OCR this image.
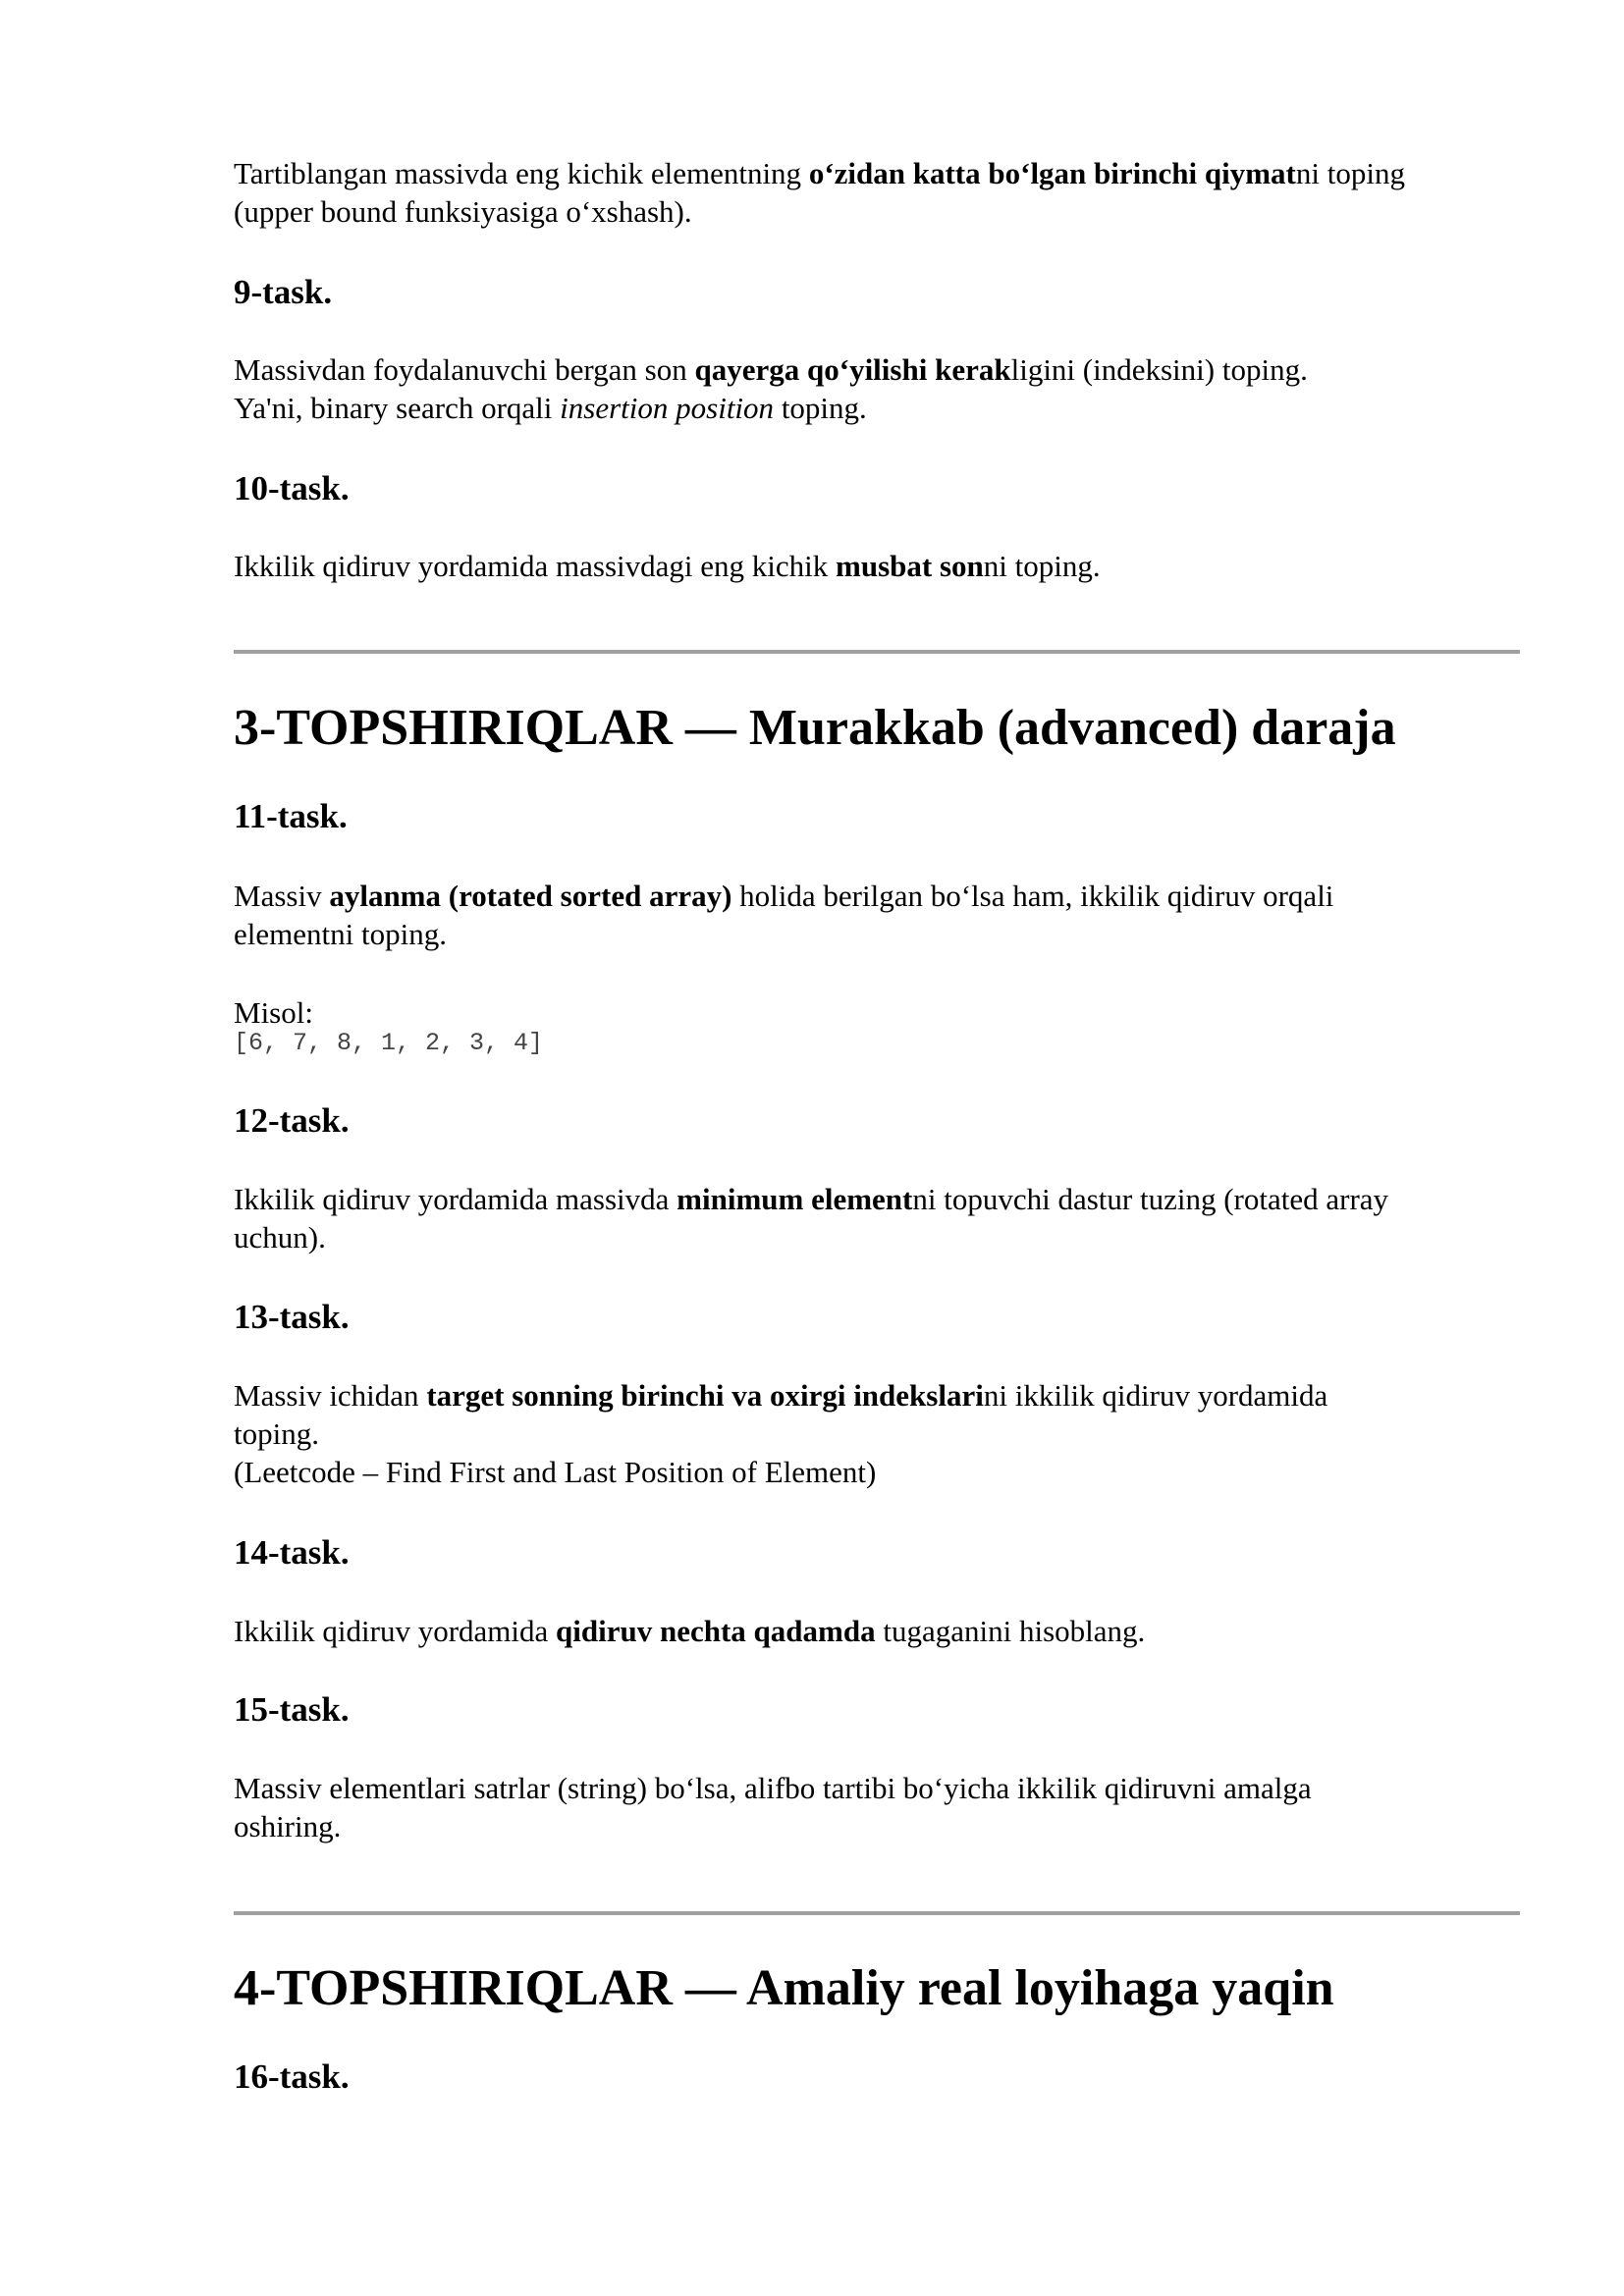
Tartiblangan massivda eng kichik elementning o‘zidan katta bo‘lgan birinchi qiymatni toping
(upper bound funksiyasiga o‘xshash).

9-task.

Massivdan foydalanuvchi bergan son qayerga qo‘yilishi kerakligini (indeksini) toping.
Ya'ni, binary search orqali insertion position toping.

10-task.

Ikkilik qidiruv yordamida massivdagi eng kichik musbat sonni toping.

3-TOPSHIRIQLAR — Murakkab (advanced) daraja
11-task.

Massiv aylanma (rotated sorted array) holida berilgan bo‘lsa ham, ikkilik qidiruv orqali
elementni toping.

Misol:

[6, 7, 8, 1, 2, 3, 4]
12-task.

Ikkilik qidiruv yordamida massivda minimum elementni topuvchi dastur tuzing (rotated array
uchun).

13-task.

Massiv ichidan target sonning birinchi va oxirgi indekslarini ikkilik qidiruv yordamida
toping.
(Leetcode – Find First and Last Position of Element)

14-task.

Ikkilik qidiruv yordamida qidiruv nechta qadamda tugaganini hisoblang.

15-task.

Massiv elementlari satrlar (string) bo‘lsa, alifbo tartibi bo‘yicha ikkilik qidiruvni amalga
oshiring.

4-TOPSHIRIQLAR — Amaliy real loyihaga yaqin
16-task.
